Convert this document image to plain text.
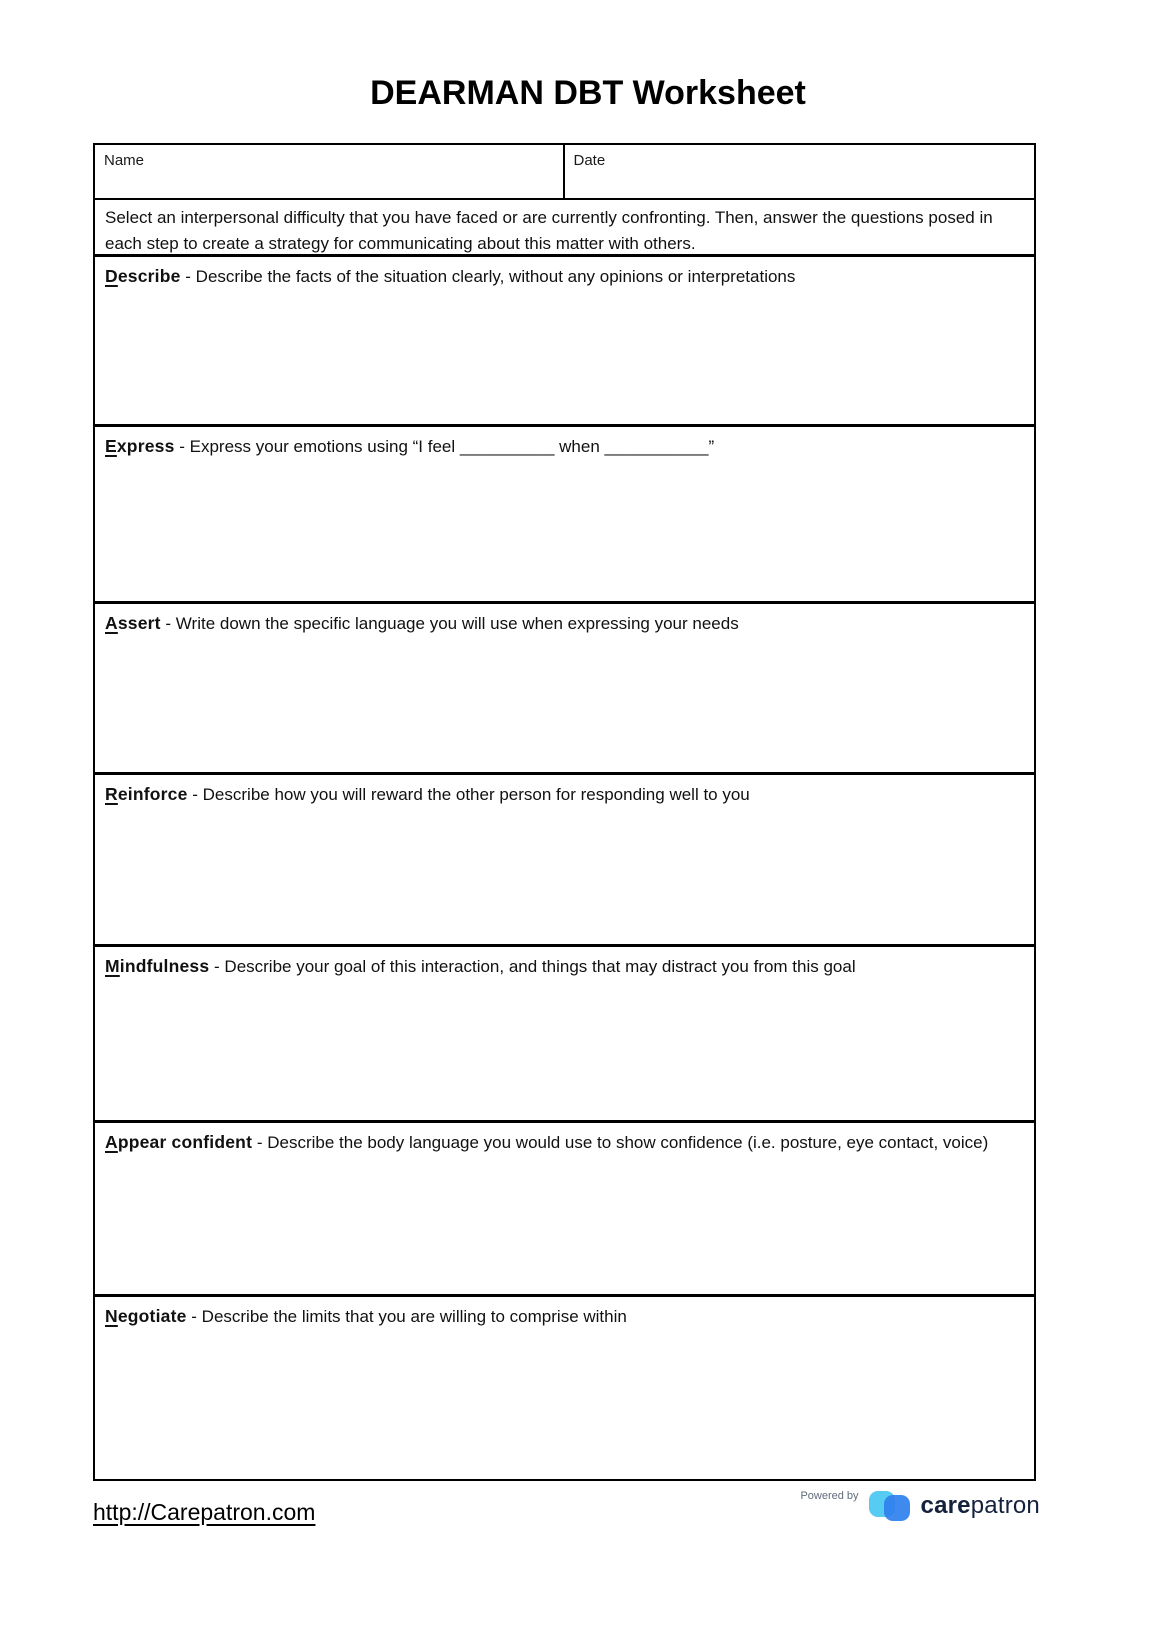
DEARMAN DBT Worksheet
Name	Date
Select an interpersonal difficulty that you have faced or are currently confronting. Then, answer the questions posed in each step to create a strategy for communicating about this matter with others.
Describe - Describe the facts of the situation clearly, without any opinions or interpretations
Express - Express your emotions using “I feel __________ when ___________”
Assert - Write down the specific language you will use when expressing your needs
Reinforce - Describe how you will reward the other person for responding well to you
Mindfulness - Describe your goal of this interaction, and things that may distract you from this goal
Appear confident - Describe the body language you would use to show confidence (i.e. posture, eye contact, voice)
Negotiate - Describe the limits that you are willing to comprise within
http://Carepatron.com
Powered by	carepatron
